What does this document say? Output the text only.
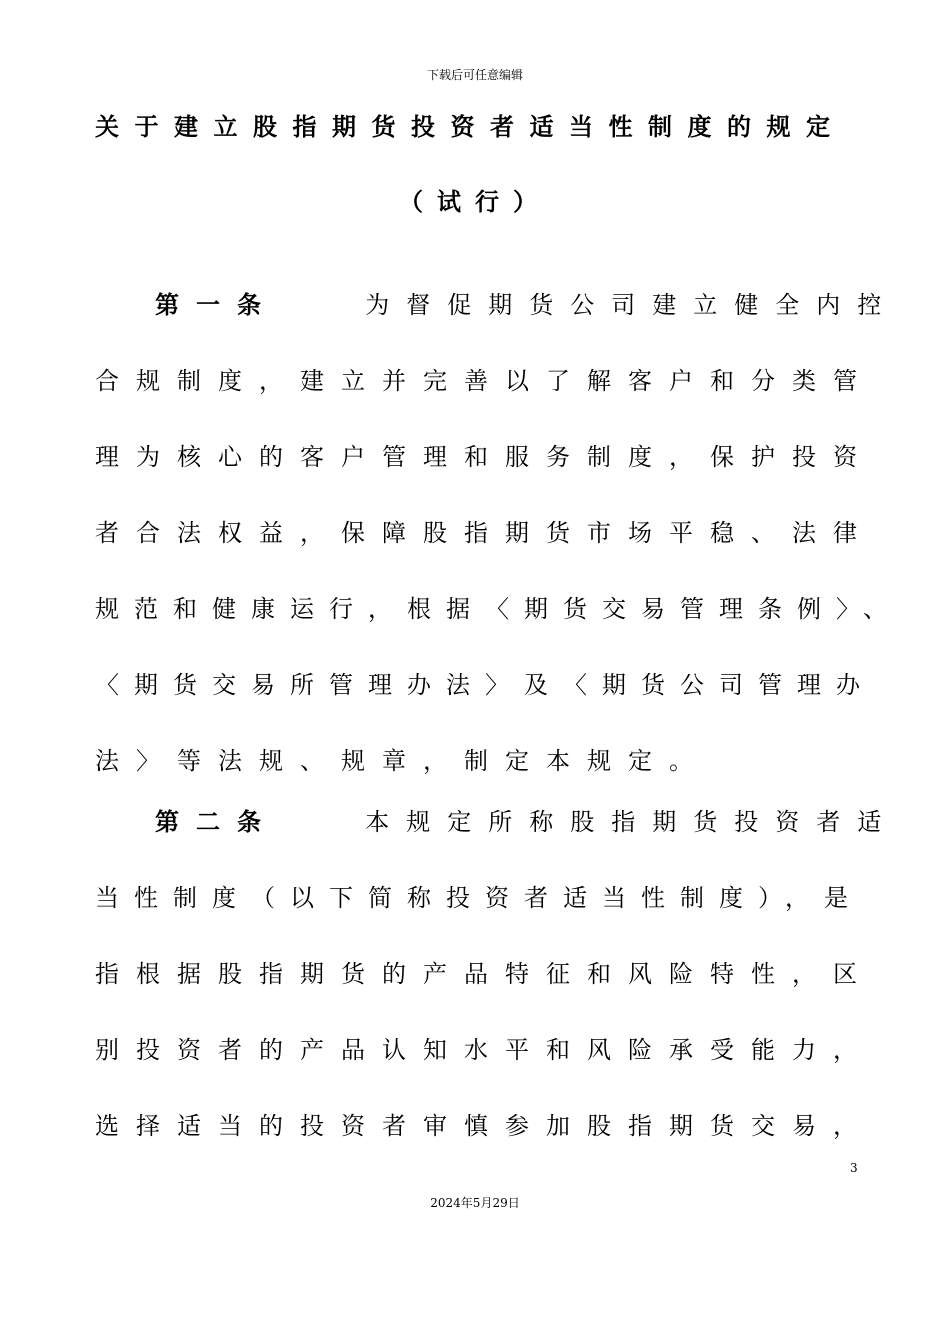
下载后可任意编辑
关于建立股指期货投资者适当性制度的规定
（试行）
第一条	为督促期货公司建立健全内控
合规制度，建立并完善以了解客户和分类管
理为核心的客户管理和服务制度，保护投资
者合法权益，保障股指期货市场平稳、法律
规范和健康运行，根据〈期货交易管理条例〉、
〈期货交易所管理办法〉及〈期货公司管理办
法〉等法规、规章，制定本规定。
第二条	本规定所称股指期货投资者适
当性制度（以下简称投资者适当性制度），是
指根据股指期货的产品特征和风险特性，区
别投资者的产品认知水平和风险承受能力，
选择适当的投资者审慎参加股指期货交易，
3
2024年5月29日
